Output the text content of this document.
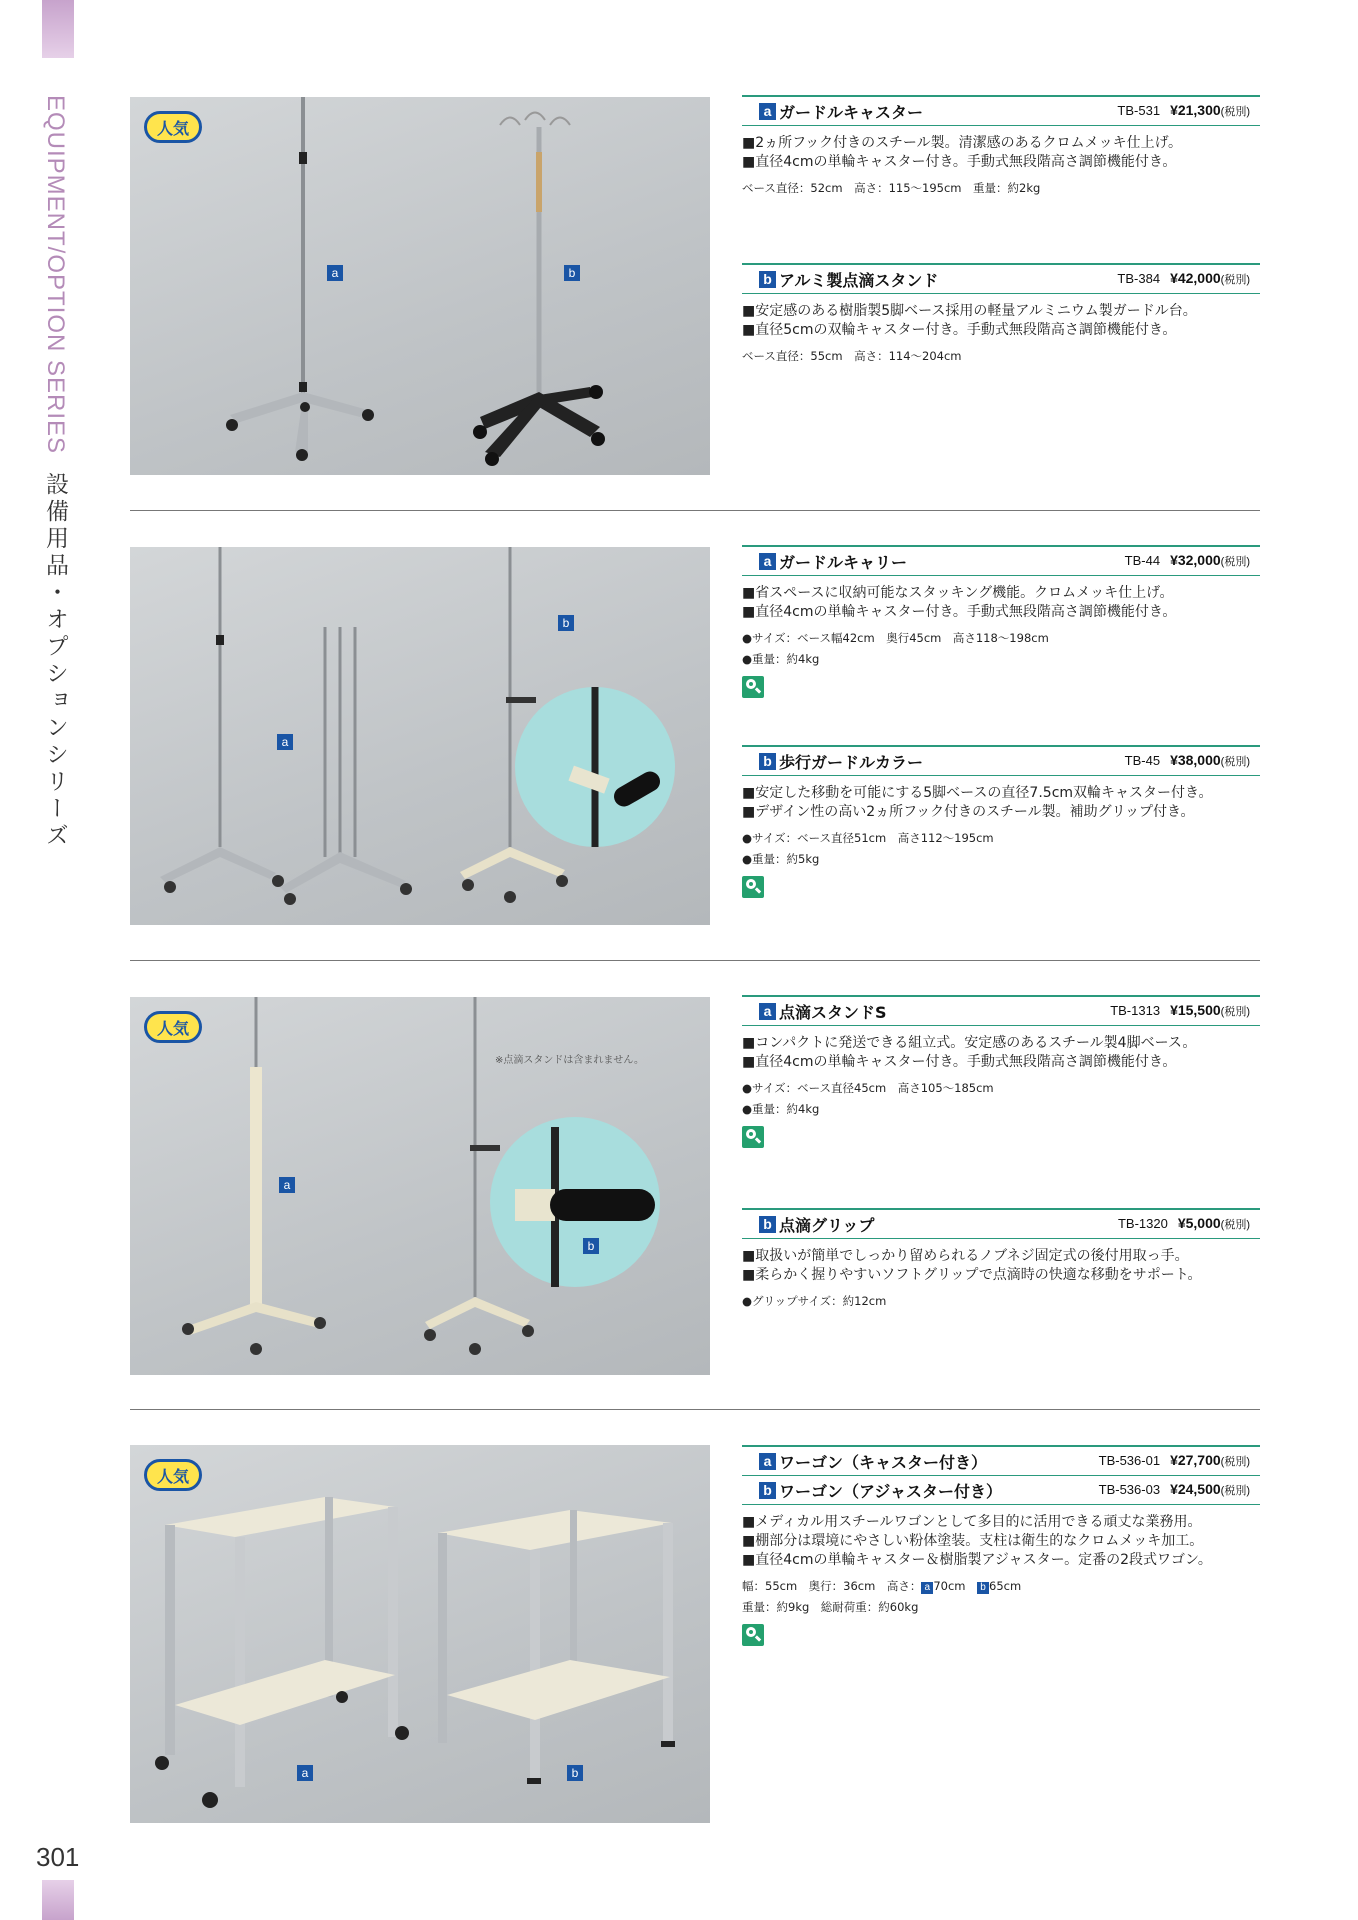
EQUIPMENT/OPTION SERIES 設備用品・オプションシリーズ
301
人気
a	b
a ガードルキャスター	TB-531 ¥21,300(税別)
■2ヵ所フック付きのスチール製。清潔感のあるクロムメッキ仕上げ。
■直径4cmの単輪キャスター付き。手動式無段階高さ調節機能付き。
ベース直径：52cm　高さ：115〜195cm　重量：約2kg
b アルミ製点滴スタンド	TB-384 ¥42,000(税別)
■安定感のある樹脂製5脚ベース採用の軽量アルミニウム製ガードル台。
■直径5cmの双輪キャスター付き。手動式無段階高さ調節機能付き。
ベース直径：55cm　高さ：114〜204cm
a
b
a ガードルキャリー	TB-44 ¥32,000(税別)
■省スペースに収納可能なスタッキング機能。クロムメッキ仕上げ。
■直径4cmの単輪キャスター付き。手動式無段階高さ調節機能付き。
●サイズ：ベース幅42cm　奥行45cm　高さ118〜198cm
●重量：約4kg
b 歩行ガードルカラー	TB-45 ¥38,000(税別)
■安定した移動を可能にする5脚ベースの直径7.5cm双輪キャスター付き。
■デザイン性の高い2ヵ所フック付きのスチール製。補助グリップ付き。
●サイズ：ベース直径51cm　高さ112〜195cm
●重量：約5kg
人気
※点滴スタンドは含まれません。
a
b
a 点滴スタンドS	TB-1313 ¥15,500(税別)
■コンパクトに発送できる組立式。安定感のあるスチール製4脚ベース。
■直径4cmの単輪キャスター付き。手動式無段階高さ調節機能付き。
●サイズ：ベース直径45cm　高さ105〜185cm
●重量：約4kg
b 点滴グリップ	TB-1320 ¥5,000(税別)
■取扱いが簡単でしっかり留められるノブネジ固定式の後付用取っ手。
■柔らかく握りやすいソフトグリップで点滴時の快適な移動をサポート。
●グリップサイズ：約12cm
人気
a	b
a ワーゴン（キャスター付き）	TB-536-01 ¥27,700(税別)
b ワーゴン（アジャスター付き）	TB-536-03 ¥24,500(税別)
■メディカル用スチールワゴンとして多目的に活用できる頑丈な業務用。
■棚部分は環境にやさしい粉体塗装。支柱は衛生的なクロムメッキ加工。
■直径4cmの単輪キャスター＆樹脂製アジャスター。定番の2段式ワゴン。
幅：55cm　奥行：36cm　高さ： a 70cm　 b 65cm
重量：約9kg　総耐荷重：約60kg
